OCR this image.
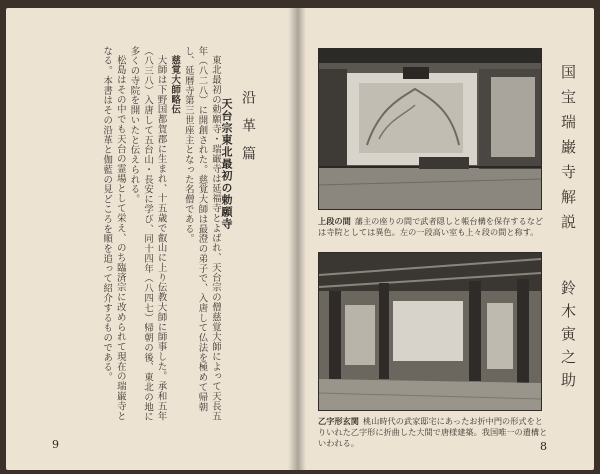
東北最初の勅願寺・瑞巌寺は延福寺とよばれ、天台宗の僧慈覚大師によって天長五年（八二八）に開創された。慈覚大師は最澄の弟子で、入唐して仏法を極めて帰朝し、延暦寺第三世座主となった名僧である。

慈覚大師略伝

大師は下野国都賀郡に生まれ、十五歳で叡山に上り伝教大師に師事した。承和五年（八三八）入唐して五台山・長安に学び、同十四年（八四七）帰朝の後、東北の地に多くの寺院を開いたと伝えられる。

松島はその中でも天台の霊場として栄え、のち臨済宗に改められて現在の瑞巌寺となる。本書はその沿革と伽藍の見どころを順を追って紹介するものである。	天台宗東北最初の勅願寺 沿革篇
9
上段の間 藩主の座りの間で武者隠しと帳台構を保存するなどは寺院としては異色。左の一段高い室も上々段の間と称す。
乙字形玄関 桃山時代の武家邸宅にあったお折中門の形式をとりいれた乙字形に折曲した大間で唐様建築。我国唯一の遺構といわれる。
国宝瑞巌寺解説
鈴木寅之助
8
